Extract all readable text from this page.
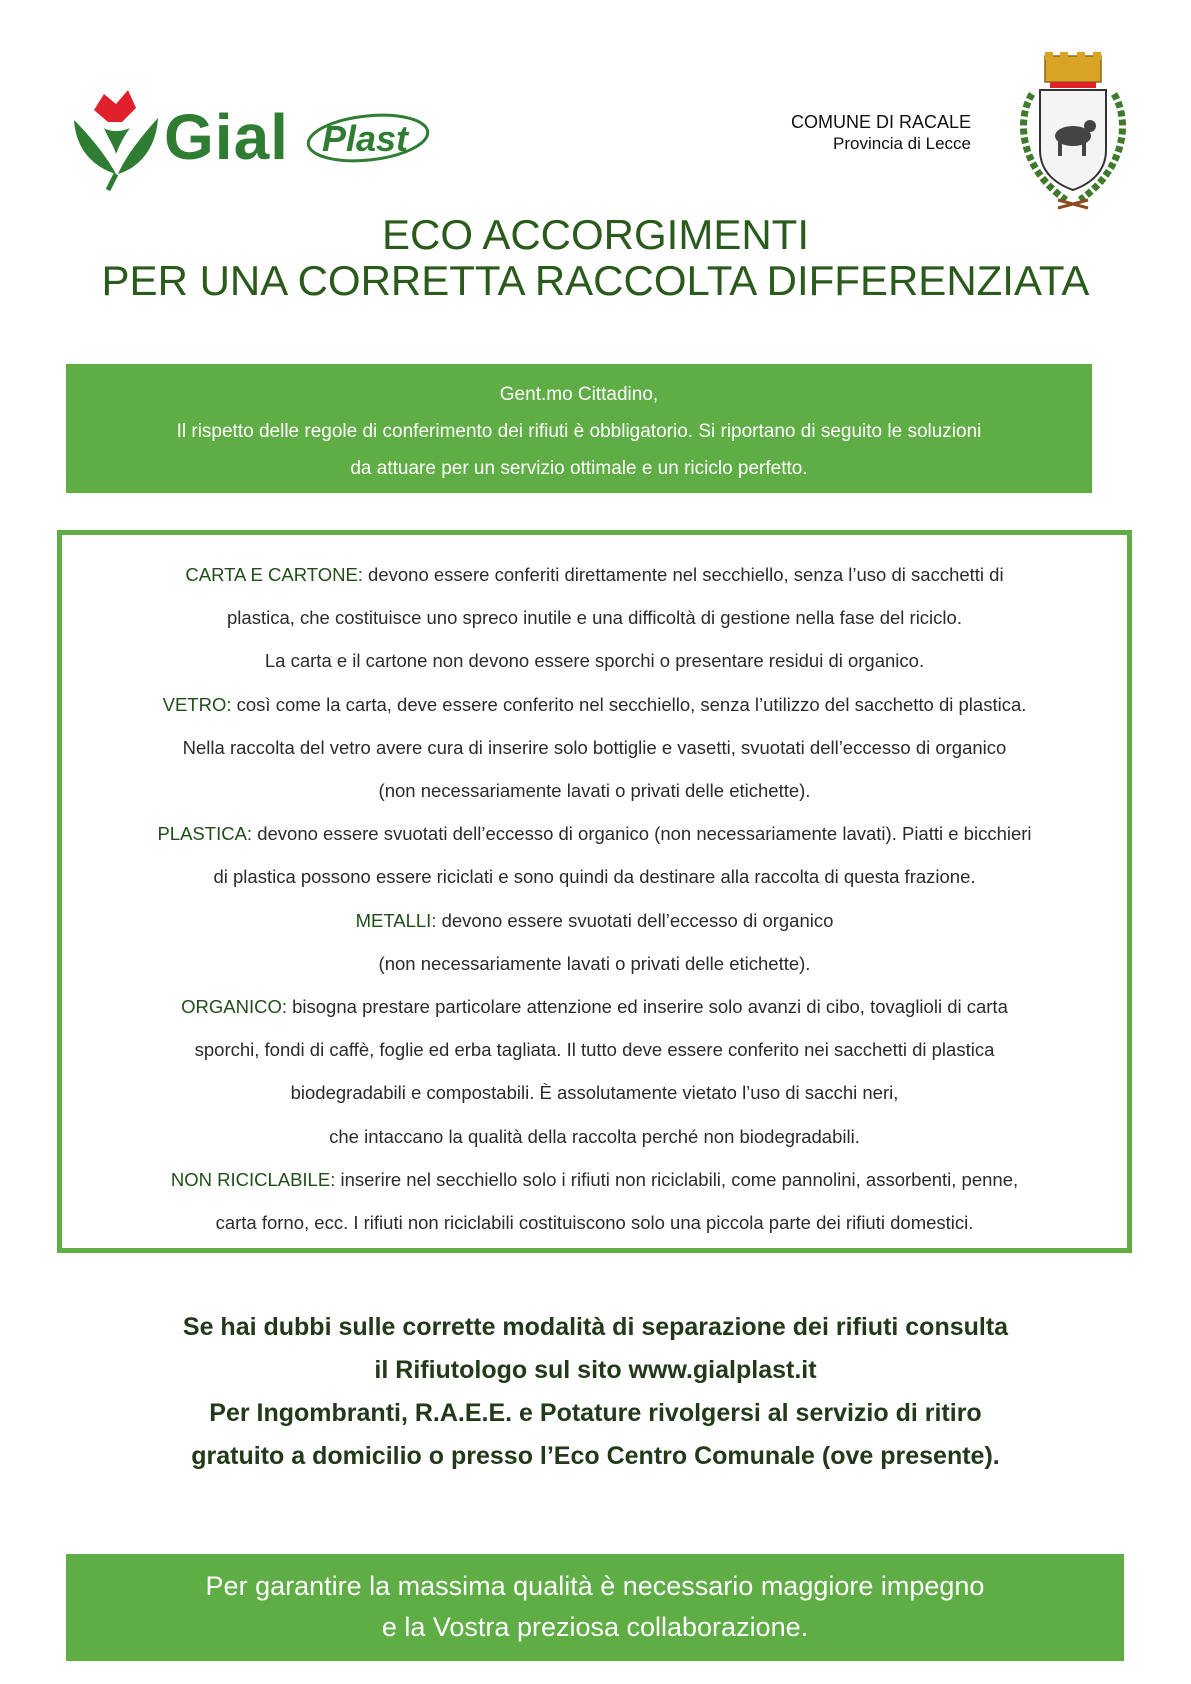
Gial Plast	COMUNE DI RACALE
Provincia di Lecce
ECO ACCORGIMENTI
PER UNA CORRETTA RACCOLTA DIFFERENZIATA
Gent.mo Cittadino,
Il rispetto delle regole di conferimento dei rifiuti è obbligatorio. Si riportano di seguito le soluzioni
da attuare per un servizio ottimale e un riciclo perfetto.
CARTA E CARTONE: devono essere conferiti direttamente nel secchiello, senza l’uso di sacchetti di
plastica, che costituisce uno spreco inutile e una difficoltà di gestione nella fase del riciclo.
La carta e il cartone non devono essere sporchi o presentare residui di organico.
VETRO: così come la carta, deve essere conferito nel secchiello, senza l’utilizzo del sacchetto di plastica.
Nella raccolta del vetro avere cura di inserire solo bottiglie e vasetti, svuotati dell’eccesso di organico
(non necessariamente lavati o privati delle etichette).
PLASTICA: devono essere svuotati dell’eccesso di organico (non necessariamente lavati). Piatti e bicchieri
di plastica possono essere riciclati e sono quindi da destinare alla raccolta di questa frazione.
METALLI: devono essere svuotati dell’eccesso di organico
(non necessariamente lavati o privati delle etichette).
ORGANICO: bisogna prestare particolare attenzione ed inserire solo avanzi di cibo, tovaglioli di carta
sporchi, fondi di caffè, foglie ed erba tagliata. Il tutto deve essere conferito nei sacchetti di plastica
biodegradabili e compostabili. È assolutamente vietato l’uso di sacchi neri,
che intaccano la qualità della raccolta perché non biodegradabili.
NON RICICLABILE: inserire nel secchiello solo i rifiuti non riciclabili, come pannolini, assorbenti, penne,
carta forno, ecc. I rifiuti non riciclabili costituiscono solo una piccola parte dei rifiuti domestici.
Se hai dubbi sulle corrette modalità di separazione dei rifiuti consulta
il Rifiutologo sul sito www.gialplast.it
Per Ingombranti, R.A.E.E. e Potature rivolgersi al servizio di ritiro
gratuito a domicilio o presso l’Eco Centro Comunale (ove presente).
Per garantire la massima qualità è necessario maggiore impegno
e la Vostra preziosa collaborazione.
